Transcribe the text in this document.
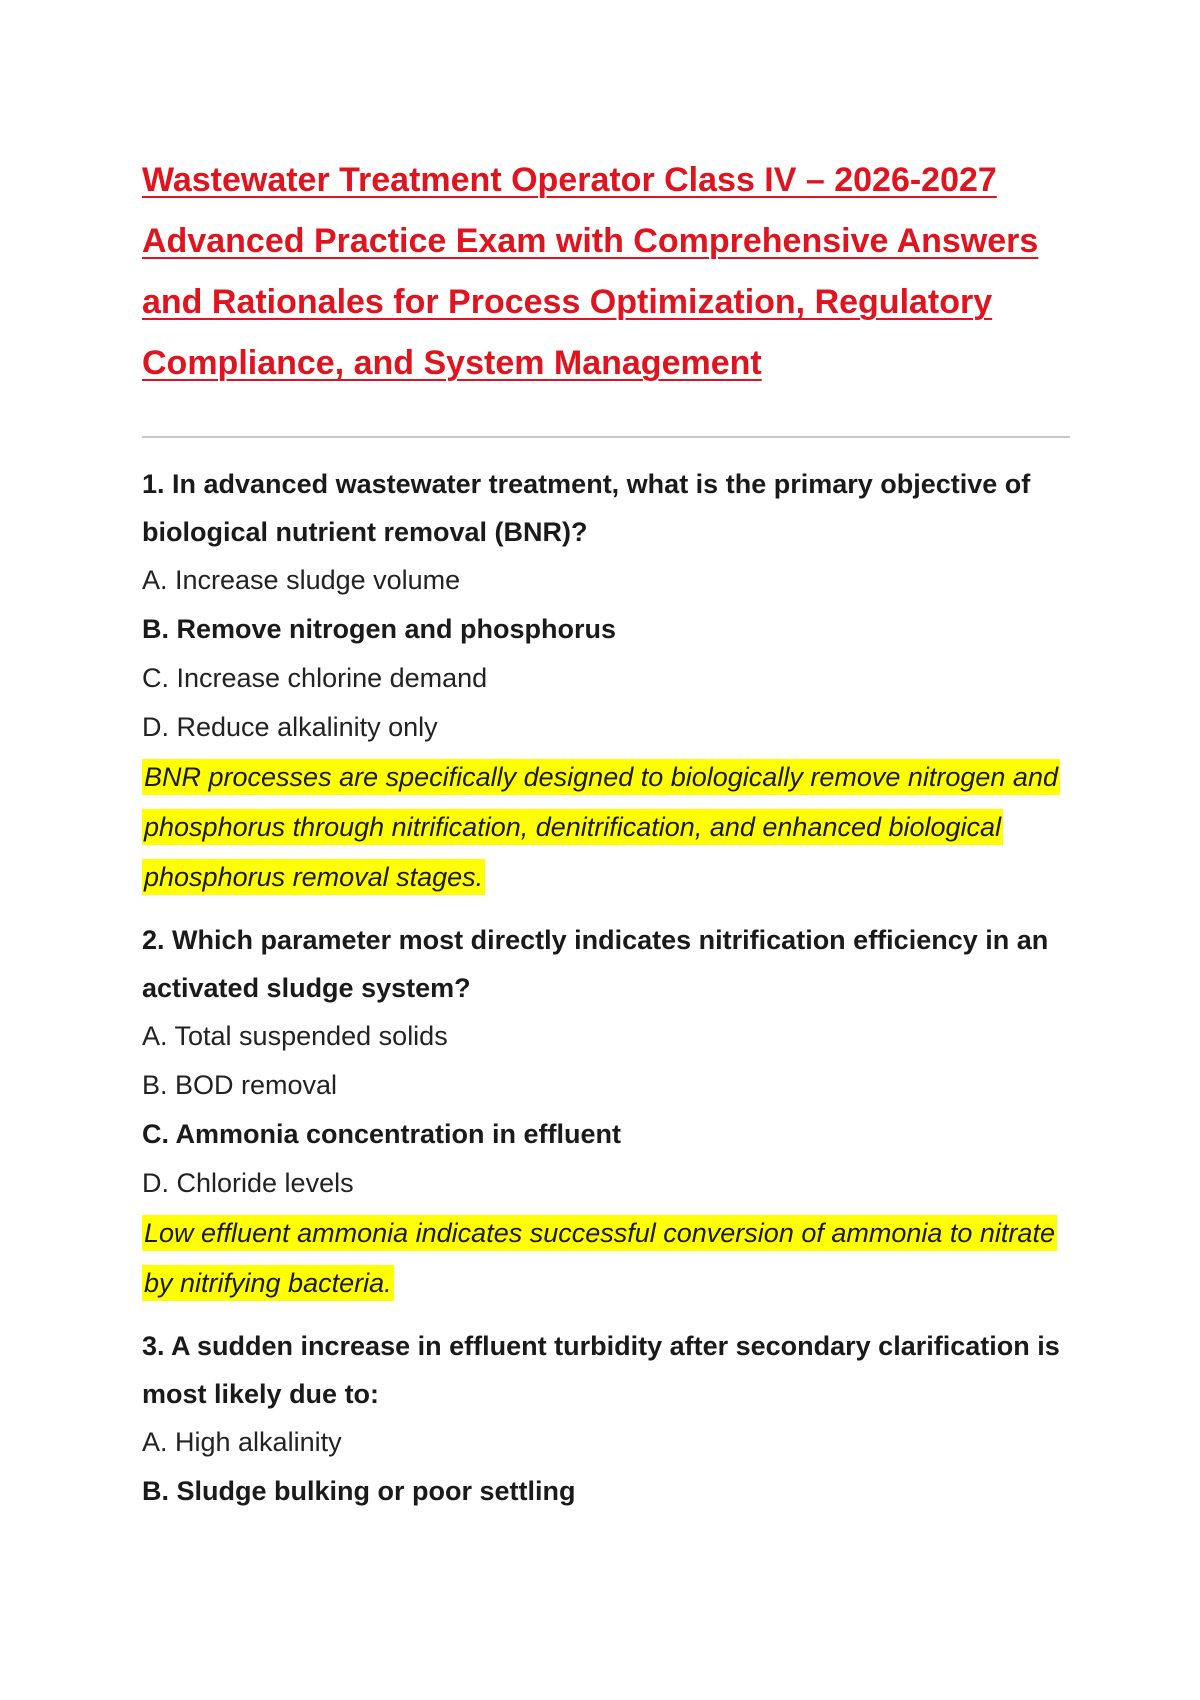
Wastewater Treatment Operator Class IV – 2026-2027 Advanced Practice Exam with Comprehensive Answers and Rationales for Process Optimization, Regulatory Compliance, and System Management

1. In advanced wastewater treatment, what is the primary objective of biological nutrient removal (BNR)?

A. Increase sludge volume

B. Remove nitrogen and phosphorus

C. Increase chlorine demand

D. Reduce alkalinity only

BNR processes are specifically designed to biologically remove nitrogen and phosphorus through nitrification, denitrification, and enhanced biological phosphorus removal stages.

2. Which parameter most directly indicates nitrification efficiency in an activated sludge system?

A. Total suspended solids

B. BOD removal

C. Ammonia concentration in effluent

D. Chloride levels

Low effluent ammonia indicates successful conversion of ammonia to nitrate by nitrifying bacteria.

3. A sudden increase in effluent turbidity after secondary clarification is most likely due to:

A. High alkalinity

B. Sludge bulking or poor settling
